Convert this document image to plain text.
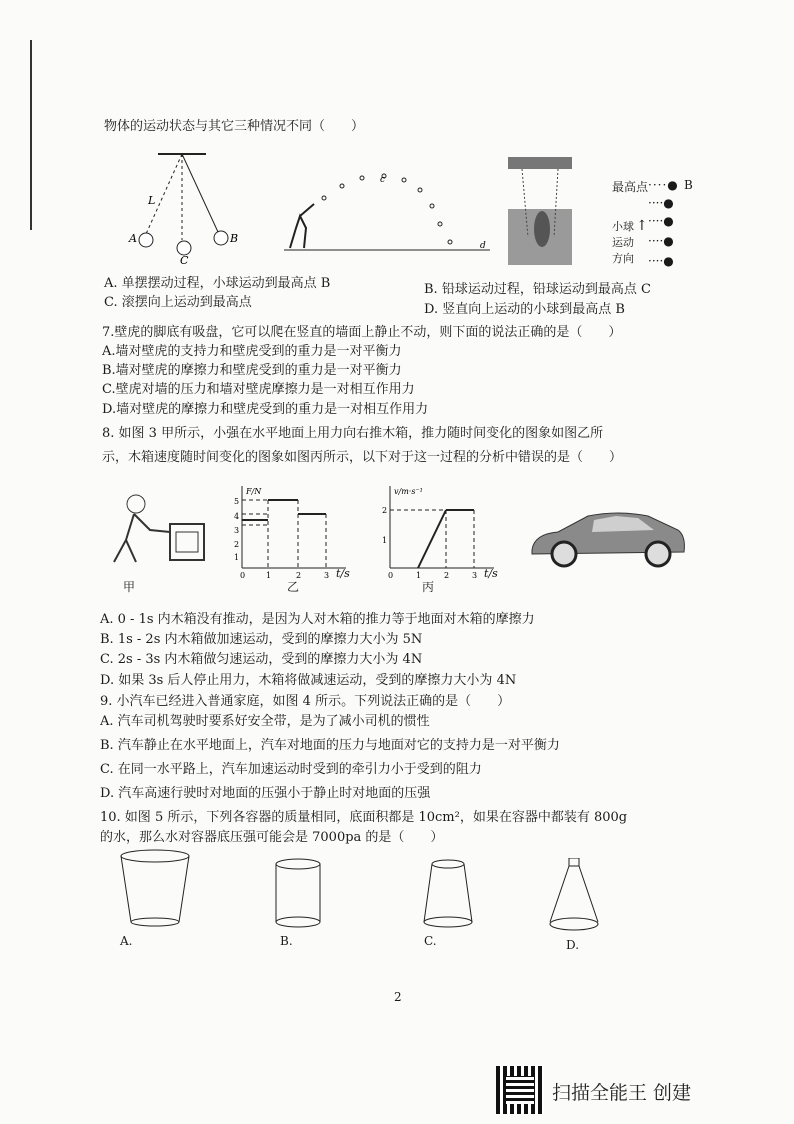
物体的运动状态与其它三种情况不同（　　）
L
A	B
C
c
d
最高点 ····● B
····●
····●
····●
····●
小球
运动
方向
↑
A. 单摆摆动过程，小球运动到最高点 B	B. 铅球运动过程，铅球运动到最高点 C
C. 滚摆向上运动到最高点	D. 竖直向上运动的小球到最高点 B
7.壁虎的脚底有吸盘，它可以爬在竖直的墙面上静止不动，则下面的说法正确的是（　　）
A.墙对壁虎的支持力和壁虎受到的重力是一对平衡力
B.墙对壁虎的摩擦力和壁虎受到的重力是一对平衡力
C.壁虎对墙的压力和墙对壁虎摩擦力是一对相互作用力
D.墙对壁虎的摩擦力和壁虎受到的重力是一对相互作用力
8. 如图 3 甲所示，小强在水平地面上用力向右推木箱，推力随时间变化的图象如图乙所
示，木箱速度随时间变化的图象如图丙所示，以下对于这一过程的分析中错误的是（　　）
F/N
1
2
3
4
5
0	1	2	3 t/s
v/m·s⁻¹
1
2
0	1	2	3 t/s
甲	乙	丙
A. 0 - 1s 内木箱没有推动，是因为人对木箱的推力等于地面对木箱的摩擦力
B. 1s - 2s 内木箱做加速运动，受到的摩擦力大小为 5N
C. 2s - 3s 内木箱做匀速运动，受到的摩擦力大小为 4N
D. 如果 3s 后人停止用力，木箱将做减速运动，受到的摩擦力大小为 4N
9. 小汽车已经进入普通家庭，如图 4 所示。下列说法正确的是（　　）
A. 汽车司机驾驶时要系好安全带，是为了减小司机的惯性
B. 汽车静止在水平地面上，汽车对地面的压力与地面对它的支持力是一对平衡力
C. 在同一水平路上，汽车加速运动时受到的牵引力小于受到的阻力
D. 汽车高速行驶时对地面的压强小于静止时对地面的压强
10. 如图 5 所示，下列各容器的质量相同，底面积都是 10cm²，如果在容器中都装有 800g
的水，那么水对容器底压强可能会是 7000pa 的是（　　）
A.	B.	C.	D.
2
扫描全能王 创建
